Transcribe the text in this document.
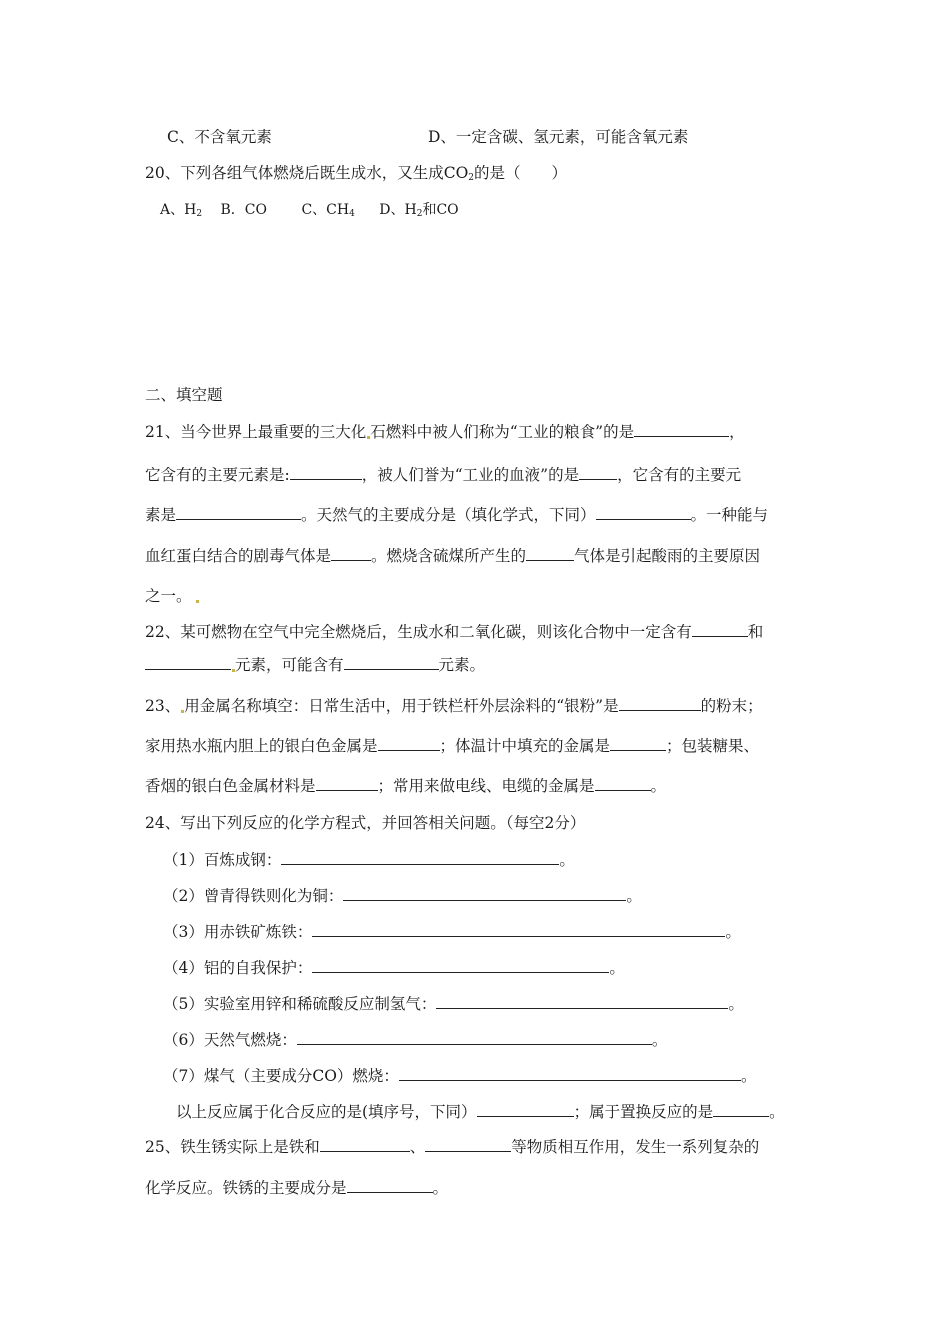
C、不含氧元素	D、一定含碳、氢元素，可能含氧元素
20、下列各组气体燃烧后既生成水，又生成$CO_2$的是（　　）
A、$H_2$ B．CO C、$CH_4$ D、$H_2$和CO
二、填空题
21、当今世界上最重要的三大化 石燃料中被人们称为“工业的粮食”的是	，
它含有的主要元素是:	，被人们誉为“工业的血液”的是 ，它含有的主要元
素是	。天然气的主要成分是（填化学式，下同）	。一种能与
血红蛋白结合的剧毒气体是	。燃烧含硫煤所产生的	气体是引起酸雨的主要原因
之一。
22、某可燃物在空气中完全燃烧后，生成水和二氧化碳，则该化合物中一定含有	和
元素，可能含有	元素。
23、 用金属名称填空：日常生活中，用于铁栏杆外层涂料的“银粉”是	的粉末；
家用热水瓶内胆上的银白色金属是	；体温计中填充的金属是	；包装糖果、
香烟的银白色金属材料是	；常用来做电线、电缆的金属是	。
24、写出下列反应的化学方程式，并回答相关问题。（每空2分）
（1）百炼成钢：	。
（2）曾青得铁则化为铜：	。
（3）用赤铁矿炼铁：	。
（4）铝的自我保护：	。
（5）实验室用锌和稀硫酸反应制氢气：	。
（6）天然气燃烧：	。
（7）煤气（主要成分CO）燃烧：	。
以上反应属于化合反应的是(填序号，下同）	；属于置换反应的是	。
25、铁生锈实际上是铁和	、	等物质相互作用，发生一系列复杂的
化学反应。铁锈的主要成分是	。
